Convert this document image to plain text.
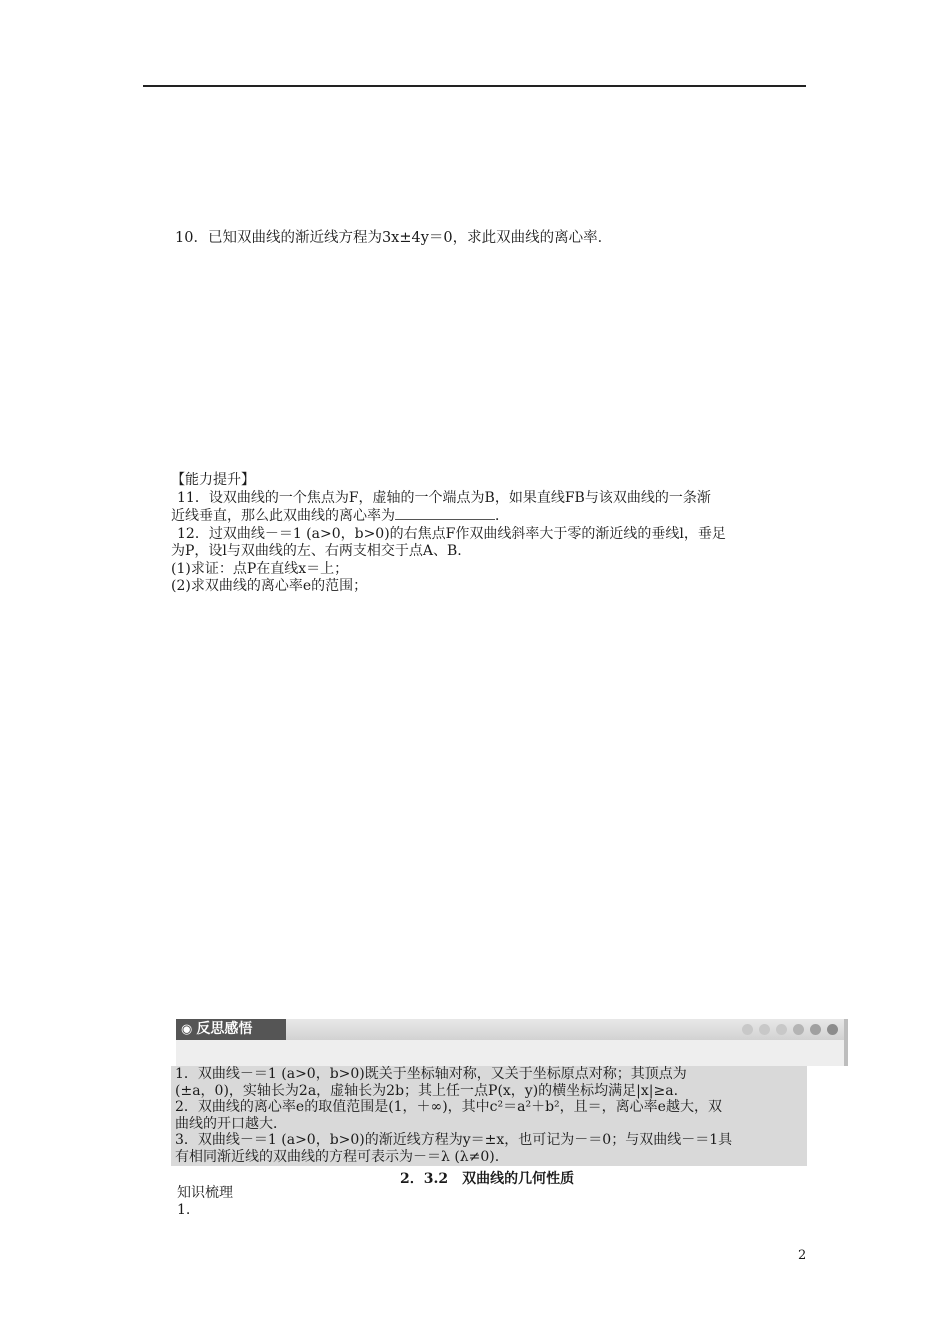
10．已知双曲线的渐近线方程为3x±4y＝0，求此双曲线的离心率．
【能力提升】
11．设双曲线的一个焦点为F，虚轴的一个端点为B，如果直线FB与该双曲线的一条渐
近线垂直，那么此双曲线的离心率为	．
12．过双曲线－＝1 (a>0，b>0)的右焦点F作双曲线斜率大于零的渐近线的垂线l，垂足
为P，设l与双曲线的左、右两支相交于点A、B.
(1)求证：点P在直线x＝上；
(2)求双曲线的离心率e的范围；
◉ 反思感悟
1．双曲线－＝1 (a>0，b>0)既关于坐标轴对称，又关于坐标原点对称；其顶点为
(±a，0)，实轴长为2a，虚轴长为2b；其上任一点P(x，y)的横坐标均满足|x|≥a.
2．双曲线的离心率e的取值范围是(1，＋∞)，其中c²＝a²＋b²，且＝，离心率e越大，双
曲线的开口越大．
3．双曲线－＝1 (a>0，b>0)的渐近线方程为y＝±x，也可记为－＝0；与双曲线－＝1具
有相同渐近线的双曲线的方程可表示为－＝λ (λ≠0).
2．3.2　双曲线的几何性质
知识梳理
1.
2
